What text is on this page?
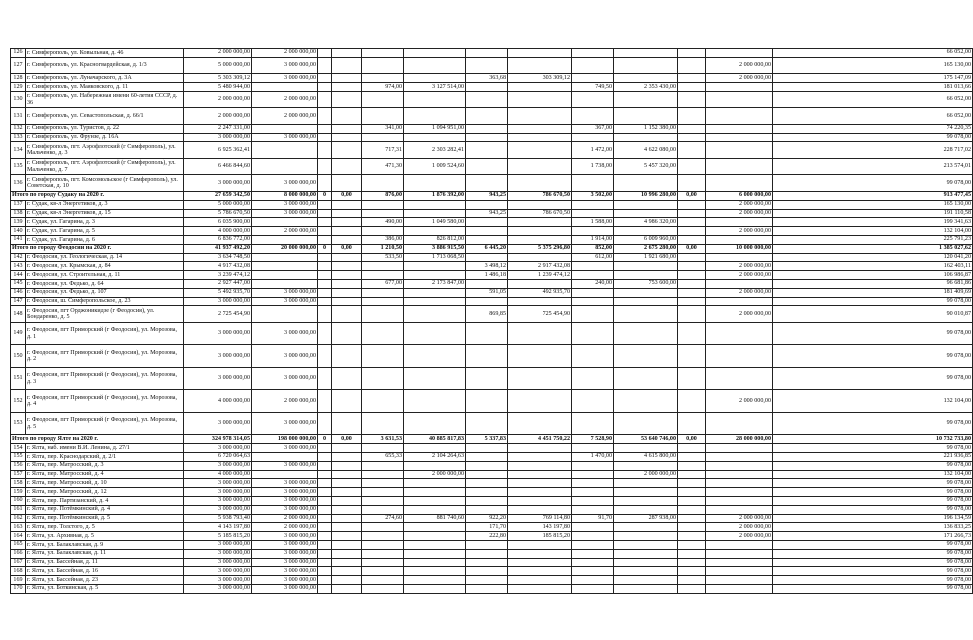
126	г. Симферополь, ул. Ковыльная, д. 46	2 000 000,00	2 000 000,00											66 052,00
127	г. Симферополь, ул. Красногвардейская, д. 1/3	5 000 000,00	3 000 000,00										2 000 000,00	165 130,00
128	г. Симферополь, ул. Луначарского, д. 3А	5 303 309,12	3 000 000,00					363,68	303 309,12				2 000 000,00	175 147,09
129	г. Симферополь, ул. Маяковского, д. 11	5 480 944,00				974,00	3 127 514,00			749,50	2 353 430,00			181 013,66
130	г. Симферополь, ул. Набережная имени 60-летия СССР, д. 36	2 000 000,00	2 000 000,00											66 052,00
131	г. Симферополь, ул. Севастопольская, д. 66/1	2 000 000,00	2 000 000,00											66 052,00
132	г. Симферополь, ул. Туристов, д. 22	2 247 331,00				341,00	1 094 951,00			367,00	1 152 380,00			74 220,35
133	г. Симферополь, ул. Фрунзе, д. 16А	3 000 000,00	3 000 000,00											99 078,00
134	г. Симферополь, пгт. Аэрофлотский (г Симферополь), ул. Мальченко, д. 3	6 925 362,41				717,31	2 303 282,41			1 472,00	4 622 080,00			228 717,02
135	г. Симферополь, пгт. Аэрофлотский (г Симферополь), ул. Мальченко, д. 7	6 466 844,60				471,30	1 009 524,60			1 738,00	5 457 320,00			213 574,01
136	г. Симферополь, пгт. Комсомольское (г Симферополь), ул. Советская, д. 10	3 000 000,00	3 000 000,00											99 078,00
Итого по городу Судаку на 2020 г.		27 659 342,50	8 000 000,00	0	0,00	876,00	1 876 392,00	943,25	786 670,50	3 502,00	10 996 280,00	0,00	6 000 000,00	913 477,45
137	г. Судак, кв-л Энергетиков, д. 3	5 000 000,00	3 000 000,00										2 000 000,00	165 130,00
138	г. Судак, кв-л Энергетиков, д. 15	5 786 670,50	3 000 000,00					943,25	786 670,50				2 000 000,00	191 110,58
139	г. Судак, ул. Гагарина, д. 3	6 035 900,00				490,00	1 049 580,00			1 588,00	4 986 320,00			199 341,63
140	г. Судак, ул. Гагарина, д. 5	4 000 000,00	2 000 000,00										2 000 000,00	132 104,00
141	г. Судак, ул. Гагарина, д. 6	6 836 772,00				386,00	826 812,00			1 914,00	6 009 960,00			225 791,23
Итого по городу Феодосии на 2020 г.		41 937 492,20	20 000 000,00	0	0,00	1 210,50	3 886 915,50	6 445,20	5 375 296,80	852,00	2 675 280,00	0,00	10 000 000,00	1 385 027,62
142	г. Феодосия, ул. Геологическая, д. 14	3 634 748,50				533,50	1 713 068,50			612,00	1 921 680,00			120 041,20
143	г. Феодосия, ул. Крымская, д. 84	4 917 432,08						3 498,12	2 917 432,08				2 000 000,00	162 403,11
144	г. Феодосия, ул. Строительная, д. 11	3 239 474,12						1 486,18	1 239 474,12				2 000 000,00	106 986,87
145	г. Феодосия, ул. Федько, д. 64	2 927 447,00				677,00	2 173 847,00			240,00	753 600,00			96 681,86
146	г. Феодосия, ул. Федько, д. 107	5 492 935,70	3 000 000,00					591,05	492 935,70				2 000 000,00	181 409,69
147	г. Феодосия, ш. Симферопольское, д. 23	3 000 000,00	3 000 000,00											99 078,00
148	г. Феодосия, пгт Орджоникидзе (г Феодосия), ул. Бондаренко, д. 5	2 725 454,90						869,85	725 454,90				2 000 000,00	90 010,87
149	г. Феодосия, пгт Приморский (г Феодосия), ул. Морозова, д. 1	3 000 000,00	3 000 000,00											99 078,00
150	г. Феодосия, пгт Приморский (г Феодосия), ул. Морозова, д. 2	3 000 000,00	3 000 000,00											99 078,00
151	г. Феодосия, пгт Приморский (г Феодосия), ул. Морозова, д. 3	3 000 000,00	3 000 000,00											99 078,00
152	г. Феодосия, пгт Приморский (г Феодосия), ул. Морозова, д. 4	4 000 000,00	2 000 000,00										2 000 000,00	132 104,00
153	г. Феодосия, пгт Приморский (г Феодосия), ул. Морозова, д. 5	3 000 000,00	3 000 000,00											99 078,00
Итого по городу Ялте на 2020 г.		324 978 314,05	198 000 000,00	0	0,00	3 631,53	40 885 817,83	5 337,83	4 451 750,22	7 528,90	53 640 746,00	0,00	28 000 000,00	10 732 733,80
154	г. Ялта, наб. имени В.И. Ленина, д. 27/1	3 000 000,00	3 000 000,00											99 078,00
155	г. Ялта, пер. Краснодарский, д. 2/1	6 720 064,63				655,33	2 104 264,63			1 470,00	4 615 800,00			221 936,85
156	г. Ялта, пер. Матросский, д. 3	3 000 000,00	3 000 000,00											99 078,00
157	г. Ялта, пер. Матросский, д. 4	4 000 000,00					2 000 000,00				2 000 000,00			132 104,00
158	г. Ялта, пер. Матросский, д. 10	3 000 000,00	3 000 000,00											99 078,00
159	г. Ялта, пер. Матросский, д. 12	3 000 000,00	3 000 000,00											99 078,00
160	г. Ялта, пер. Партизанский, д. 4	3 000 000,00	3 000 000,00											99 078,00
161	г. Ялта, пер. Потёмкинский, д. 4	3 000 000,00	3 000 000,00											99 078,00
162	г. Ялта, пер. Потёмкинский, д. 5	5 938 793,40	2 000 000,00			274,60	881 740,60	922,20	769 114,80	91,70	287 938,00		2 000 000,00	196 134,59
163	г. Ялта, пер. Толстого, д. 5	4 143 197,80	2 000 000,00					171,70	143 197,80				2 000 000,00	136 833,25
164	г. Ялта, ул. Архивная, д. 5	5 185 815,20	3 000 000,00					222,80	185 815,20				2 000 000,00	171 266,73
165	г. Ялта, ул. Балаклавская, д. 9	3 000 000,00	3 000 000,00											99 078,00
166	г. Ялта, ул. Балаклавская, д. 11	3 000 000,00	3 000 000,00											99 078,00
167	г. Ялта, ул. Бассейная, д. 11	3 000 000,00	3 000 000,00											99 078,00
168	г. Ялта, ул. Бассейная, д. 16	3 000 000,00	3 000 000,00											99 078,00
169	г. Ялта, ул. Бассейная, д. 23	3 000 000,00	3 000 000,00											99 078,00
170	г. Ялта, ул. Боткинская, д. 5	3 000 000,00	3 000 000,00											99 078,00
